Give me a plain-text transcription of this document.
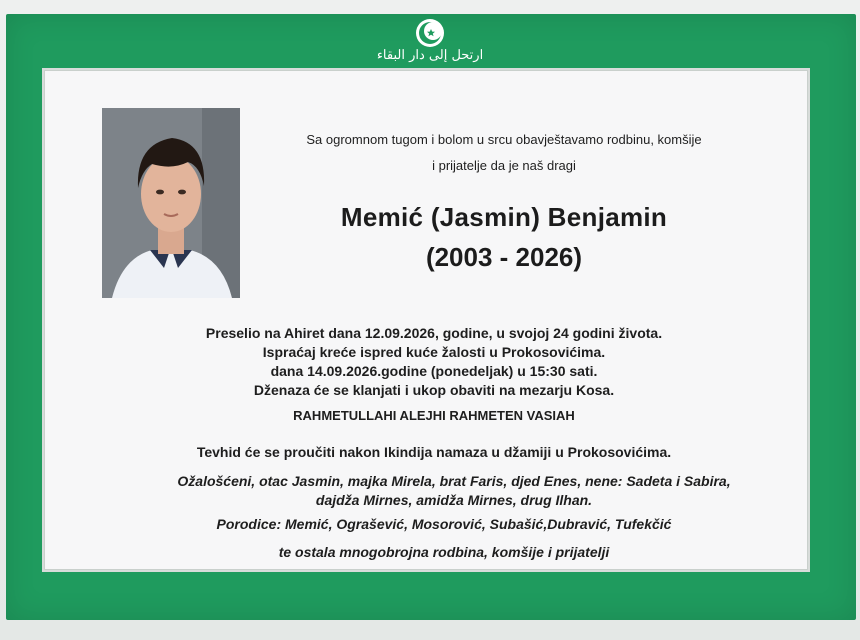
ارتحل إلى دار البقاء
Sa ogromnom tugom i bolom u srcu obavještavamo rodbinu, komšije
i prijatelje da je naš dragi
Memić (Jasmin) Benjamin
(2003 - 2026)
Preselio na Ahiret dana 12.09.2026, godine, u svojoj 24 godini života.
Ispraćaj kreće ispred kuće žalosti u Prokosovićima.
dana 14.09.2026.godine (ponedeljak) u 15:30 sati.
Dženaza će se klanjati i ukop obaviti na mezarju Kosa.
RAHMETULLAHI ALEJHI RAHMETEN VASIAH
Tevhid će se proučiti nakon Ikindija namaza u džamiji u Prokosovićima.
Ožalošćeni, otac Jasmin, majka Mirela, brat Faris, djed Enes, nene: Sadeta i Sabira,
dajdža Mirnes, amidža Mirnes, drug Ilhan.
Porodice: Memić, Ograšević, Mosorović, Subašić,Dubravić, Tufekčić
te ostala mnogobrojna rodbina, komšije i prijatelji
